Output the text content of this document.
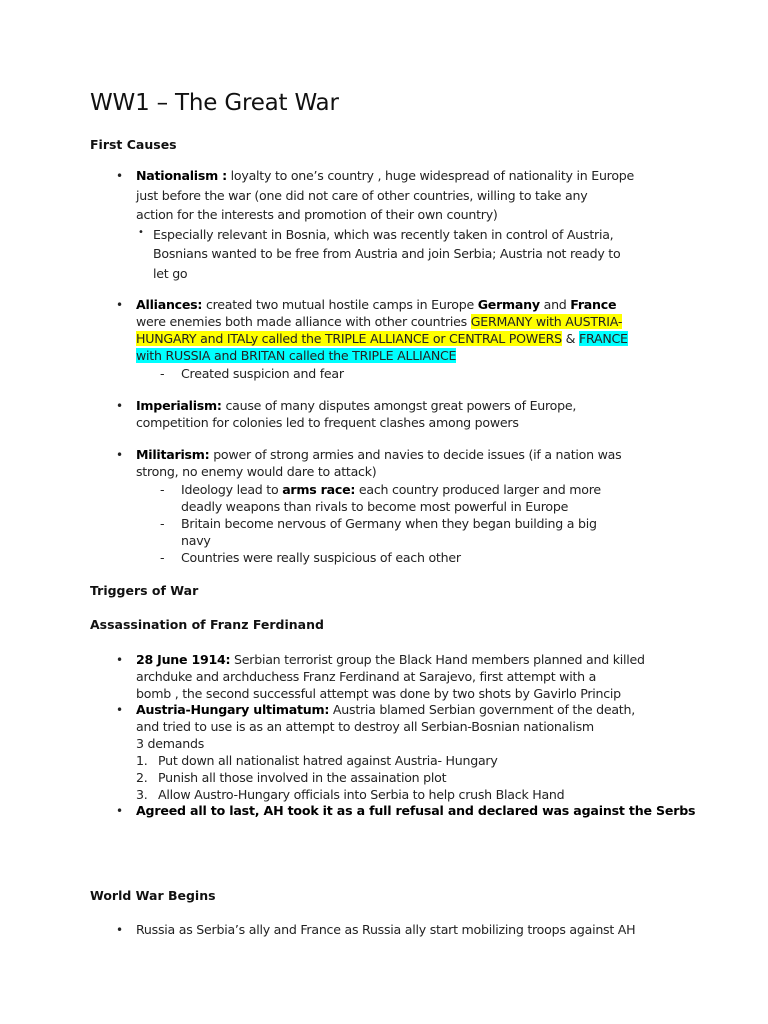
WW1 – The Great War
First Causes
• Nationalism : loyalty to one’s country , huge widespread of nationality in Europe
just before the war (one did not care of other countries, willing to take any
action for the interests and promotion of their own country)
• Especially relevant in Bosnia, which was recently taken in control of Austria,
Bosnians wanted to be free from Austria and join Serbia; Austria not ready to
let go
• Alliances: created two mutual hostile camps in Europe Germany and France
were enemies both made alliance with other countries GERMANY with AUSTRIA-
HUNGARY and ITALy called the TRIPLE ALLIANCE or CENTRAL POWERS & FRANCE
with RUSSIA and BRITAN called the TRIPLE ALLIANCE
- Created suspicion and fear
• Imperialism: cause of many disputes amongst great powers of Europe,
competition for colonies led to frequent clashes among powers
• Militarism: power of strong armies and navies to decide issues (if a nation was
strong, no enemy would dare to attack)
- Ideology lead to arms race: each country produced larger and more
deadly weapons than rivals to become most powerful in Europe
- Britain become nervous of Germany when they began building a big
navy
- Countries were really suspicious of each other
Triggers of War
Assassination of Franz Ferdinand
• 28 June 1914: Serbian terrorist group the Black Hand members planned and killed
archduke and archduchess Franz Ferdinand at Sarajevo, first attempt with a
bomb , the second successful attempt was done by two shots by Gavirlo Princip
• Austria-Hungary ultimatum: Austria blamed Serbian government of the death,
and tried to use is as an attempt to destroy all Serbian-Bosnian nationalism
3 demands
1. Put down all nationalist hatred against Austria- Hungary
2. Punish all those involved in the assaination plot
3. Allow Austro-Hungary officials into Serbia to help crush Black Hand
• Agreed all to last, AH took it as a full refusal and declared was against the Serbs
World War Begins
• Russia as Serbia’s ally and France as Russia ally start mobilizing troops against AH
